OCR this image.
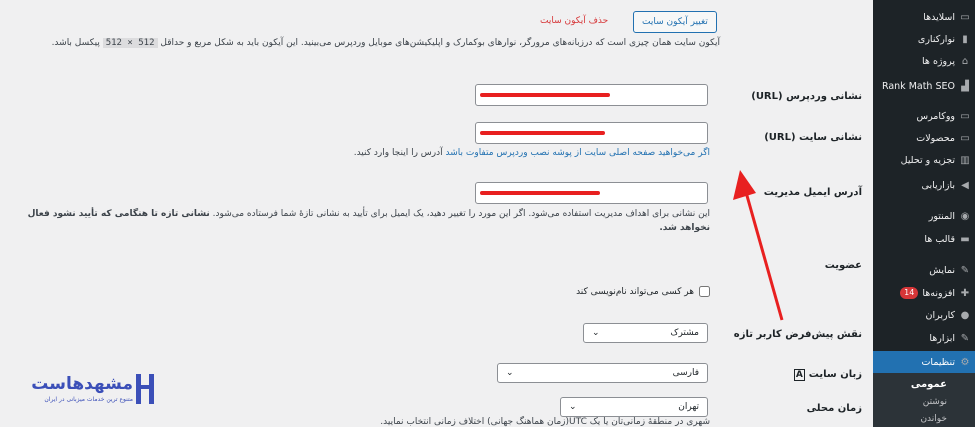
▭
اسلایدها
▮
نوارکناری
⌂
پروژه ها
▟
Rank Math SEO
▭
ووکامرس
▭
محصولات
▥
تجزیه و تحلیل
◀
بازاریابی
◉
المنتور
▬
قالب ها
✎
نمایش
✚
افزونه‌ها
14
●
کاربران
✎
ابزارها
⚙
تنظیمات
عمومی
نوشتن
خواندن
تغییر آیکون سایت
حذف آیکون سایت
آیکون سایت همان چیزی است که درزبانه‌های مرورگر، نوارهای بوکمارک و اپلیکیشن‌های موبایل وردپرس می‌بینید. این آیکون باید به شکل مربع و حداقل 512 × 512 پیکسل باشد.
نشانی وردپرس (URL)
نشانی سایت (URL)
اگر می‌خواهید صفحه اصلی سایت از پوشه نصب وردپرس متفاوت باشد آدرس را اینجا وارد کنید.
آدرس ایمیل مدیریت
این نشانی برای اهداف مدیریت استفاده می‌شود. اگر این مورد را تغییر دهید، یک ایمیل برای تأیید به نشانی تازهٔ شما فرستاده می‌شود. نشانی تازه تا هنگامی که تأیید نشود فعال نخواهد شد.
عضویت
هر کسی می‌تواند نام‌نویسی کند
نقش پیش‌فرض کاربر تازه
مشترک
⌄
زبان سایت
A
فارسی
⌄
زمان محلی
تهران
⌄
شهری در منطقهٔ زمانی‌تان یا یک UTC(زمان هماهنگ جهانی) اختلاف زمانی انتخاب نمایید.
مشهدهاست
متنوع ترین خدمات میزبانی در ایران
